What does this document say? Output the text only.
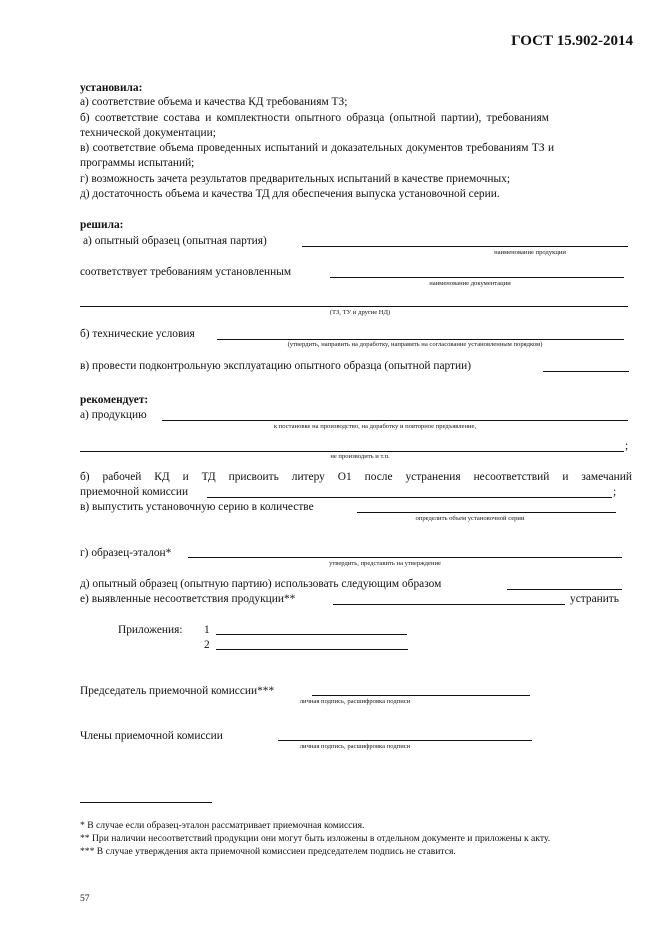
ГОСТ 15.902-2014
установила:
а) соответствие объема и качества КД требованиям ТЗ;
б) соответствие состава и комплектности опытного образца (опытной партии), требованиям
технической документации;
в) соответствие объема проведенных испытаний и доказательных документов требованиям ТЗ и
программы испытаний;
г) возможность зачета результатов предварительных испытаний в качестве приемочных;
д) достаточность объема и качества ТД для обеспечения выпуска установочной серии.
решила:
а) опытный образец (опытная партия)
наименование продукции
соответствует требованиям установленным
наименование документации
(ТЗ, ТУ и другие НД)
б) технические условия
(утвердить, направить на доработку, направить на согласование установленным порядком)
в) провести подконтрольную эксплуатацию опытного образца (опытной партии)
рекомендует:
а) продукцию
к постановке на производство, на доработку и повторное предъявление,
;
не производить и т.п.
б) рабочей КД и ТД присвоить литеру О1 после устранения несоответствий и замечаний
приемочной комиссии	;
в) выпустить установочную серию в количестве
определить объем установочной серии
г) образец-эталон*
утвердить, представить на утверждение
д) опытный образец (опытную партию) использовать следующим образом
е) выявленные несоответствия продукции**	устранить
Приложения: 1
2
Председатель приемочной комиссии***
личная подпись, расшифровка подписи
Члены приемочной комиссии
личная подпись, расшифровка подписи
* В случае если образец-эталон рассматривает приемочная комиссия.
** При наличии несоответствий продукции они могут быть изложены в отдельном документе и приложены к акту.
*** В случае утверждения акта приемочной комиссиеи председателем подпись не ставится.
57
